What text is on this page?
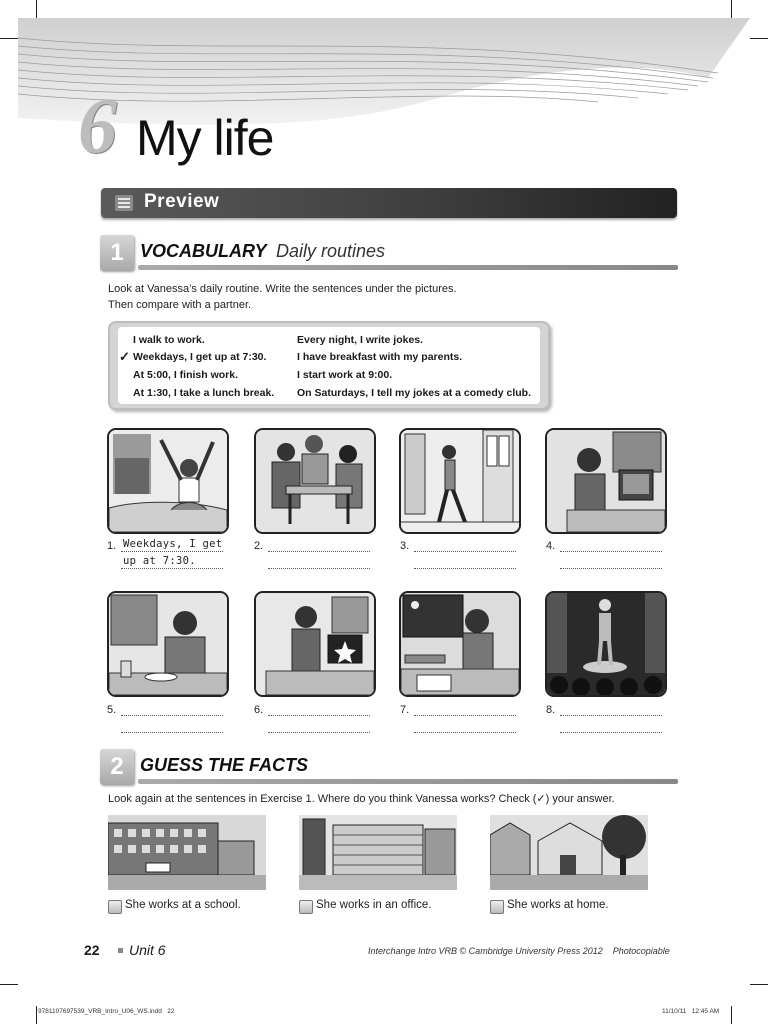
6 My life
Preview
1 VOCABULARY Daily routines
Look at Vanessa’s daily routine. Write the sentences under the pictures.
Then compare with a partner.
✓
I walk to work.
Weekdays, I get up at 7:30.
At 5:00, I finish work.
At 1:30, I take a lunch break.
Every night, I write jokes.
I have breakfast with my parents.
I start work at 9:00.
On Saturdays, I tell my jokes at a comedy club.
1. Weekdays, I get
up at 7:30.
2.	3.	4.
5.	6.	7.	8.
2 GUESS THE FACTS
Look again at the sentences in Exercise 1. Where do you think Vanessa works? Check (✓) your answer.
She works at a school.	She works in an office.	She works at home.
22 Unit 6	Interchange Intro VRB © Cambridge University Press 2012    Photocopiable
9781107697539_VRB_Intro_U06_WS.indd   22	11/10/11   12:45 AM
